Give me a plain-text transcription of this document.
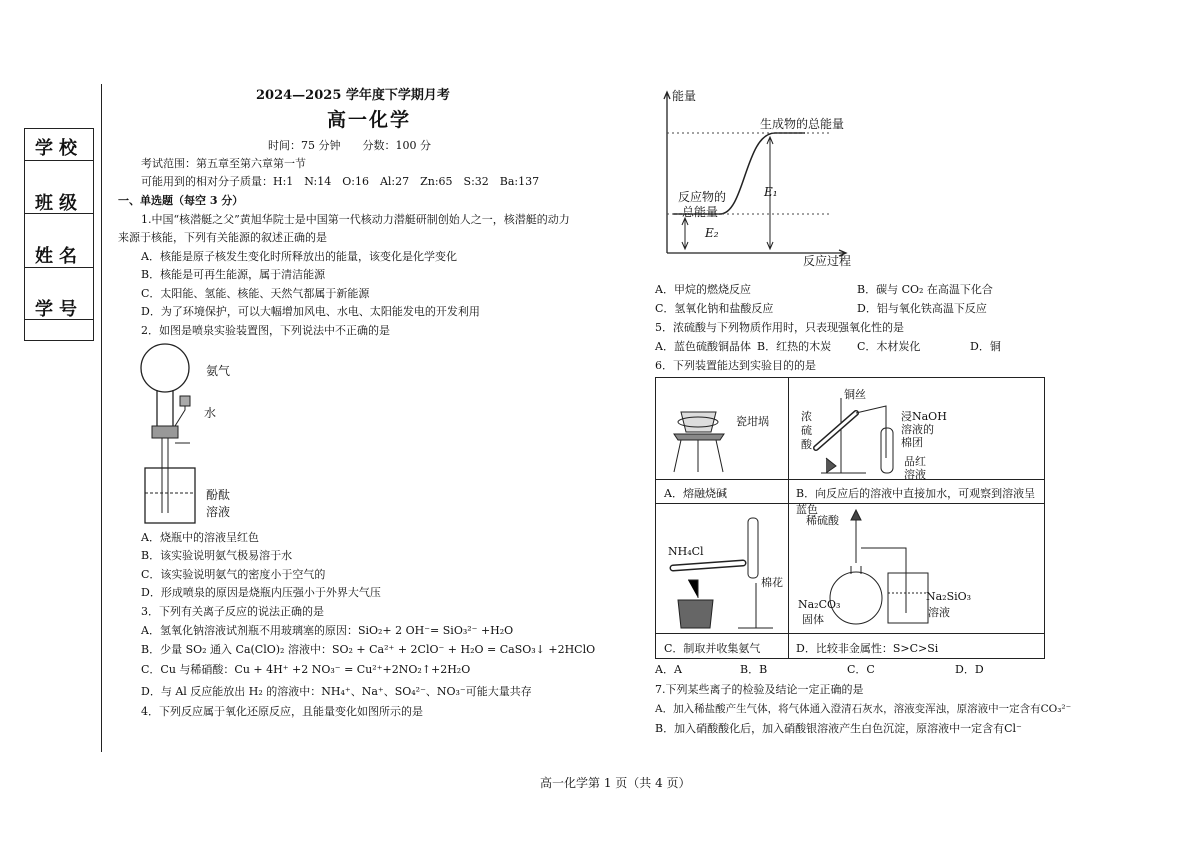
学校
班级
姓名
学号
2024—2025 学年度下学期月考
高一化学
时间：75 分钟　　分数：100 分
考试范围：第五章至第六章第一节
可能用到的相对分子质量：H:1　N:14　O:16　Al:27　Zn:65　S:32　Ba:137
一、单选题（每空 3 分）
1.中国“核潜艇之父”黄旭华院士是中国第一代核动力潜艇研制创始人之一，核潜艇的动力
来源于核能，下列有关能源的叙述正确的是
A．核能是原子核发生变化时所释放出的能量，该变化是化学变化
B．核能是可再生能源，属于清洁能源
C．太阳能、氢能、核能、天然气都属于新能源
D．为了环境保护，可以大幅增加风电、水电、太阳能发电的开发利用
2．如图是喷泉实验装置图，下列说法中不正确的是
氨气
水
酚酞
溶液
A．烧瓶中的溶液呈红色
B．该实验说明氨气极易溶于水
C．该实验说明氨气的密度小于空气的
D．形成喷泉的原因是烧瓶内压强小于外界大气压
3．下列有关离子反应的说法正确的是
A．氢氧化钠溶液试剂瓶不用玻璃塞的原因：SiO₂+ 2 OH⁻= SiO₃²⁻ +H₂O
B．少量 SO₂ 通入 Ca(ClO)₂ 溶液中：SO₂ + Ca²⁺ + 2ClO⁻ + H₂O = CaSO₃↓ +2HClO
C．Cu 与稀硝酸：Cu + 4H⁺ +2 NO₃⁻ = Cu²⁺+2NO₂↑+2H₂O
D．与 Al 反应能放出 H₂ 的溶液中：NH₄⁺、Na⁺、SO₄²⁻、NO₃⁻可能大量共存
4．下列反应属于氧化还原反应，且能量变化如图所示的是
能量
生成物的总能量
反应物的
总能量
E₁
E₂
反应过程
A．甲烷的燃烧反应	B．碳与 CO₂ 在高温下化合
C．氢氧化钠和盐酸反应	D．铝与氧化铁高温下反应
5．浓硫酸与下列物质作用时，只表现强氧化性的是
A．蓝色硫酸铜晶体 B．红热的木炭 C．木材炭化	D．铜
6．下列装置能达到实验目的的是
瓷坩埚
A．熔融烧碱
铜丝
浓
硫
酸
浸NaOH
溶液的
棉团
品红
溶液
B．向反应后的溶液中直接加水，可观察到溶液呈蓝色
NH₄Cl
棉花
C．制取并收集氨气
稀硫酸
Na₂CO₃
固体
Na₂SiO₃
溶液
D．比较非金属性：S>C>Si
A．A	B．B	C．C	D．D
7.下列某些离子的检验及结论一定正确的是
A．加入稀盐酸产生气体，将气体通入澄清石灰水，溶液变浑浊，原溶液中一定含有CO₃²⁻
B．加入硝酸酸化后，加入硝酸银溶液产生白色沉淀，原溶液中一定含有Cl⁻
高一化学第 1 页（共 4 页）
